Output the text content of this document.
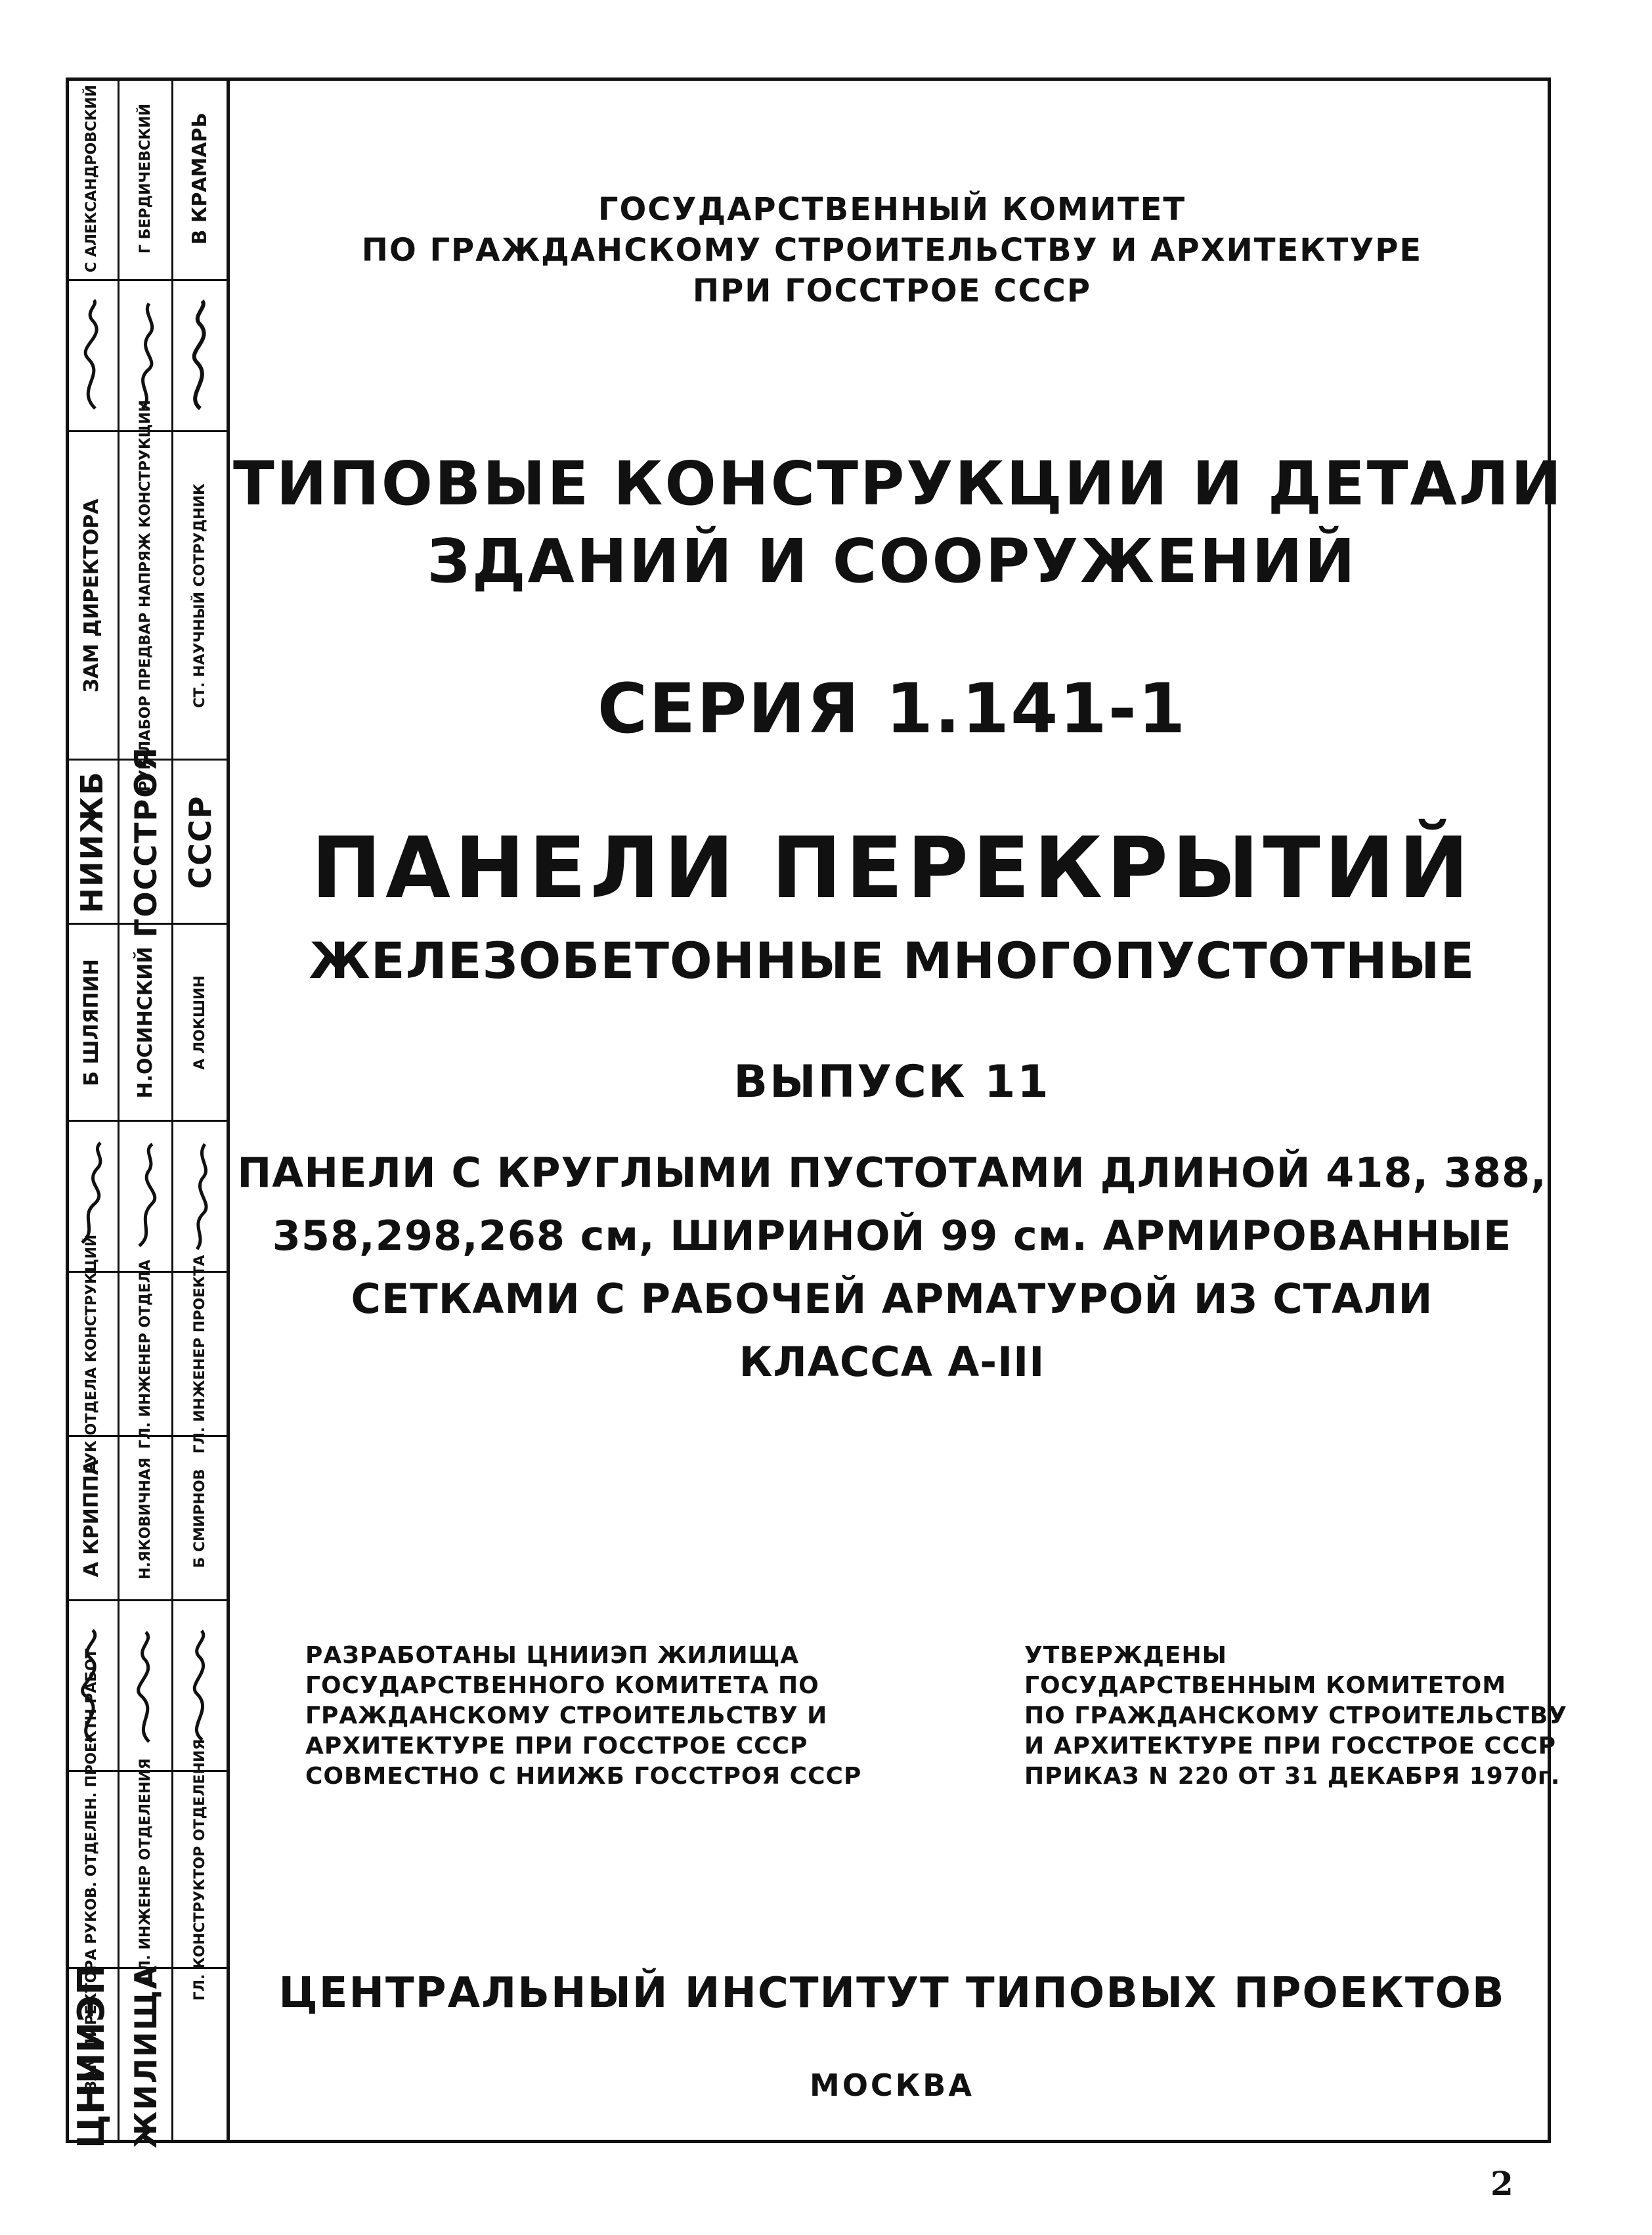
С АЛЕКСАНДРОВСКИЙ
ЗАМ ДИРЕКТОРА
НИИЖБ
Б ШЛЯПИН
РУК ОТДЕЛА КОНСТРУКЦИЙ
А КРИППА
ЗАМ ДИРЕКТОРА РУКОВ. ОТДЕЛЕН. ПРОЕКТН РАБОТ
ЦНИИЭП
Г БЕРДИЧЕВСКИЙ
РУК ЛАБОР ПРЕДВАР НАПРЯЖ КОНСТРУКЦИИ
ГОССТРОЯ
Н.ОСИНСКИЙ
ГЛ. ИНЖЕНЕР ОТДЕЛА
Н.ЯКОВИЧНАЯ
ГЛ. ИНЖЕНЕР ОТДЕЛЕНИЯ
ЖИЛИЩА
В КРАМАРЬ
СТ. НАУЧНЫЙ СОТРУДНИК
СССР
А ЛОКШИН
ГЛ. ИНЖЕНЕР ПРОЕКТА
Б СМИРНОВ
ГЛ. КОНСТРУКТОР ОТДЕЛЕНИЯ
ГОСУДАРСТВЕННЫЙ КОМИТЕТ
ПО ГРАЖДАНСКОМУ СТРОИТЕЛЬСТВУ И АРХИТЕКТУРЕ
ПРИ ГОССТРОЕ СССР
ТИПОВЫЕ КОНСТРУКЦИИ И ДЕТАЛИ
ЗДАНИЙ И СООРУЖЕНИЙ
СЕРИЯ 1.141-1
ПАНЕЛИ ПЕРЕКРЫТИЙ
ЖЕЛЕЗОБЕТОННЫЕ МНОГОПУСТОТНЫЕ
ВЫПУСК 11
ПАНЕЛИ С КРУГЛЫМИ ПУСТОТАМИ ДЛИНОЙ 418, 388,
358,298,268 см, ШИРИНОЙ 99 см. АРМИРОВАННЫЕ
СЕТКАМИ С РАБОЧЕЙ АРМАТУРОЙ ИЗ СТАЛИ
КЛАССА А-III
РАЗРАБОТАНЫ ЦНИИЭП ЖИЛИЩА
ГОСУДАРСТВЕННОГО КОМИТЕТА ПО
ГРАЖДАНСКОМУ СТРОИТЕЛЬСТВУ И
АРХИТЕКТУРЕ ПРИ ГОССТРОЕ СССР
СОВМЕСТНО С НИИЖБ ГОССТРОЯ СССР
УТВЕРЖДЕНЫ
ГОСУДАРСТВЕННЫМ КОМИТЕТОМ
ПО ГРАЖДАНСКОМУ СТРОИТЕЛЬСТВУ
И АРХИТЕКТУРЕ ПРИ ГОССТРОЕ СССР
ПРИКАЗ N 220 ОТ 31 ДЕКАБРЯ 1970г.
ЦЕНТРАЛЬНЫЙ ИНСТИТУТ ТИПОВЫХ ПРОЕКТОВ
МОСКВА
2
